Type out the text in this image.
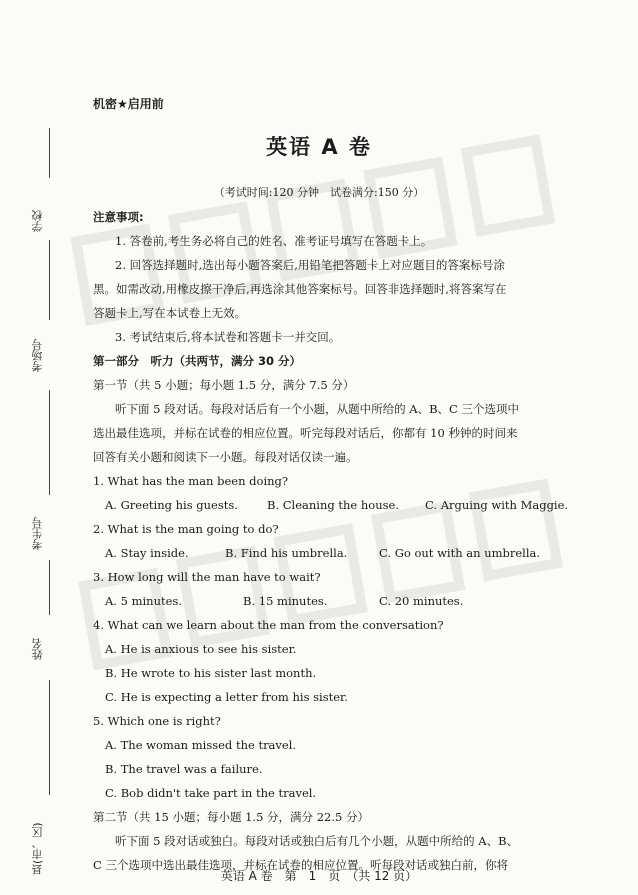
学校
考场号
考生号
姓名
县(市、区)
机密★启用前
英语 A 卷
（考试时间:120 分钟　试卷满分:150 分）
注意事项:
1. 答卷前,考生务必将自己的姓名、准考证号填写在答题卡上。
2. 回答选择题时,选出每小题答案后,用铅笔把答题卡上对应题目的答案标号涂
黑。如需改动,用橡皮擦干净后,再选涂其他答案标号。回答非选择题时,将答案写在
答题卡上,写在本试卷上无效。
3. 考试结束后,将本试卷和答题卡一并交回。
第一部分　听力（共两节，满分 30 分）
第一节（共 5 小题；每小题 1.5 分，满分 7.5 分）
听下面 5 段对话。每段对话后有一个小题，从题中所给的 A、B、C 三个选项中
选出最佳选项，并标在试卷的相应位置。听完每段对话后，你都有 10 秒钟的时间来
回答有关小题和阅读下一小题。每段对话仅读一遍。
1. What has the man been doing?
A. Greeting his guests.	B. Cleaning the house.	C. Arguing with Maggie.
2. What is the man going to do?
A. Stay inside.	B. Find his umbrella.	C. Go out with an umbrella.
3. How long will the man have to wait?
A. 5 minutes.	B. 15 minutes.	C. 20 minutes.
4. What can we learn about the man from the conversation?
A. He is anxious to see his sister.
B. He wrote to his sister last month.
C. He is expecting a letter from his sister.
5. Which one is right?
A. The woman missed the travel.
B. The travel was a failure.
C. Bob didn't take part in the travel.
第二节（共 15 小题；每小题 1.5 分，满分 22.5 分）
听下面 5 段对话或独白。每段对话或独白后有几个小题，从题中所给的 A、B、
C 三个选项中选出最佳选项，并标在试卷的相应位置。听每段对话或独白前，你将
英语 A 卷　第　1　页　（共 12 页）
